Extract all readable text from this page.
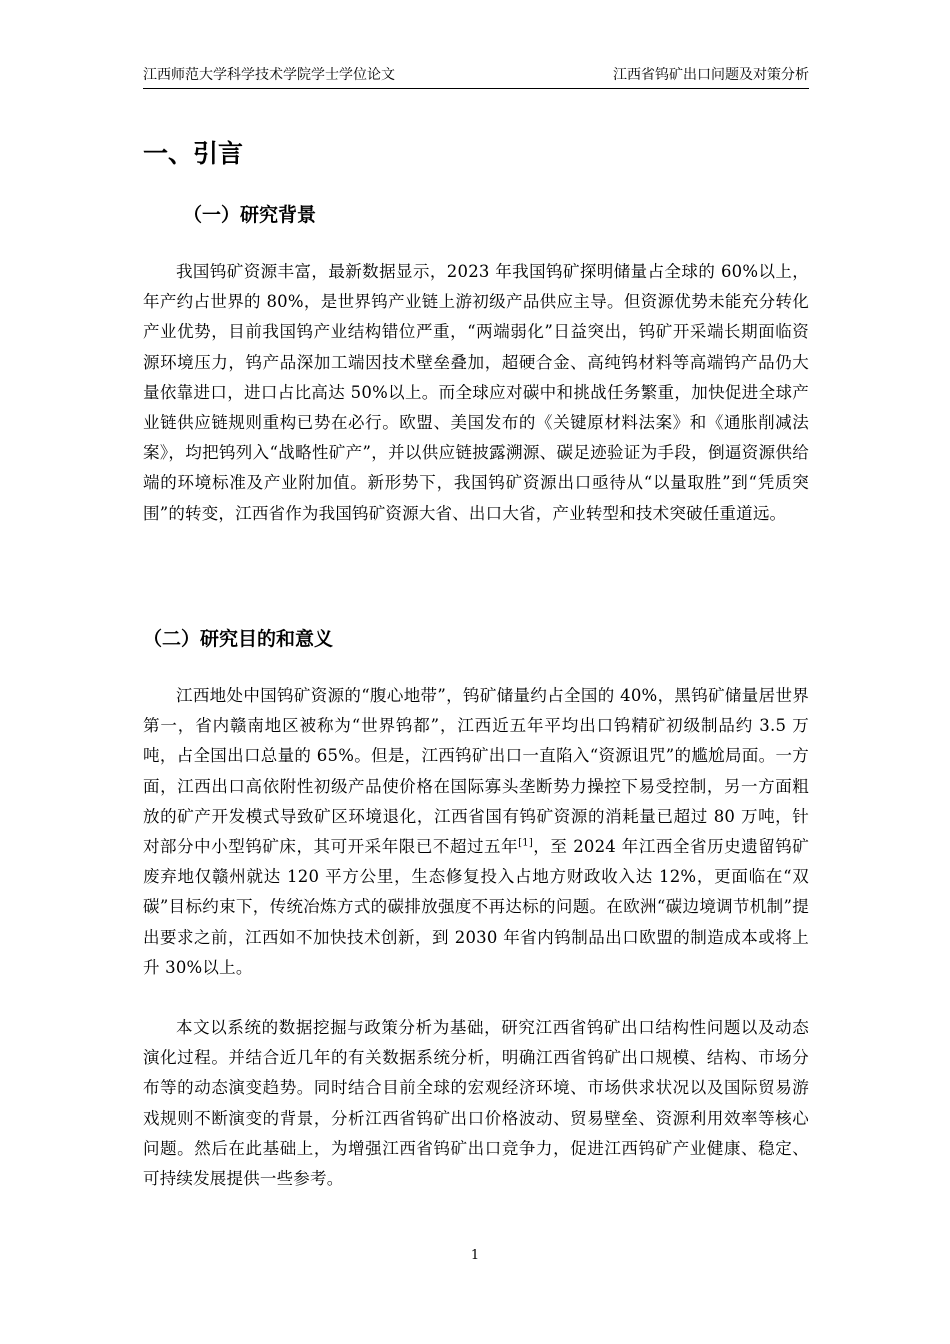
江西师范大学科学技术学院学士学位论文	江西省钨矿出口问题及对策分析
一、引言
（一）研究背景

我国钨矿资源丰富，最新数据显示，2023 年我国钨矿探明储量占全球的 60%以上，年产约占世界的 80%，是世界钨产业链上游初级产品供应主导。但资源优势未能充分转化产业优势，目前我国钨产业结构错位严重，“两端弱化”日益突出，钨矿开采端长期面临资源环境压力，钨产品深加工端因技术壁垒叠加，超硬合金、高纯钨材料等高端钨产品仍大量依靠进口，进口占比高达 50%以上。而全球应对碳中和挑战任务繁重，加快促进全球产业链供应链规则重构已势在必行。欧盟、美国发布的《关键原材料法案》和《通胀削减法案》，均把钨列入“战略性矿产”，并以供应链披露溯源、碳足迹验证为手段，倒逼资源供给端的环境标准及产业附加值。新形势下，我国钨矿资源出口亟待从“以量取胜”到“凭质突围”的转变，江西省作为我国钨矿资源大省、出口大省，产业转型和技术突破任重道远。

（二）研究目的和意义

江西地处中国钨矿资源的“腹心地带”，钨矿储量约占全国的 40%，黑钨矿储量居世界第一，省内赣南地区被称为“世界钨都”，江西近五年平均出口钨精矿初级制品约 3.5 万吨，占全国出口总量的 65%。但是，江西钨矿出口一直陷入“资源诅咒”的尴尬局面。一方面，江西出口高依附性初级产品使价格在国际寡头垄断势力操控下易受控制，另一方面粗放的矿产开发模式导致矿区环境退化，江西省国有钨矿资源的消耗量已超过 80 万吨，针对部分中小型钨矿床，其可开采年限已不超过五年[1]，至 2024 年江西全省历史遗留钨矿废弃地仅赣州就达 120 平方公里，生态修复投入占地方财政收入达 12%，更面临在“双碳”目标约束下，传统冶炼方式的碳排放强度不再达标的问题。在欧洲“碳边境调节机制”提出要求之前，江西如不加快技术创新，到 2030 年省内钨制品出口欧盟的制造成本或将上升 30%以上。

本文以系统的数据挖掘与政策分析为基础，研究江西省钨矿出口结构性问题以及动态演化过程。并结合近几年的有关数据系统分析，明确江西省钨矿出口规模、结构、市场分布等的动态演变趋势。同时结合目前全球的宏观经济环境、市场供求状况以及国际贸易游戏规则不断演变的背景，分析江西省钨矿出口价格波动、贸易壁垒、资源利用效率等核心问题。然后在此基础上，为增强江西省钨矿出口竞争力，促进江西钨矿产业健康、稳定、可持续发展提供一些参考。

1
